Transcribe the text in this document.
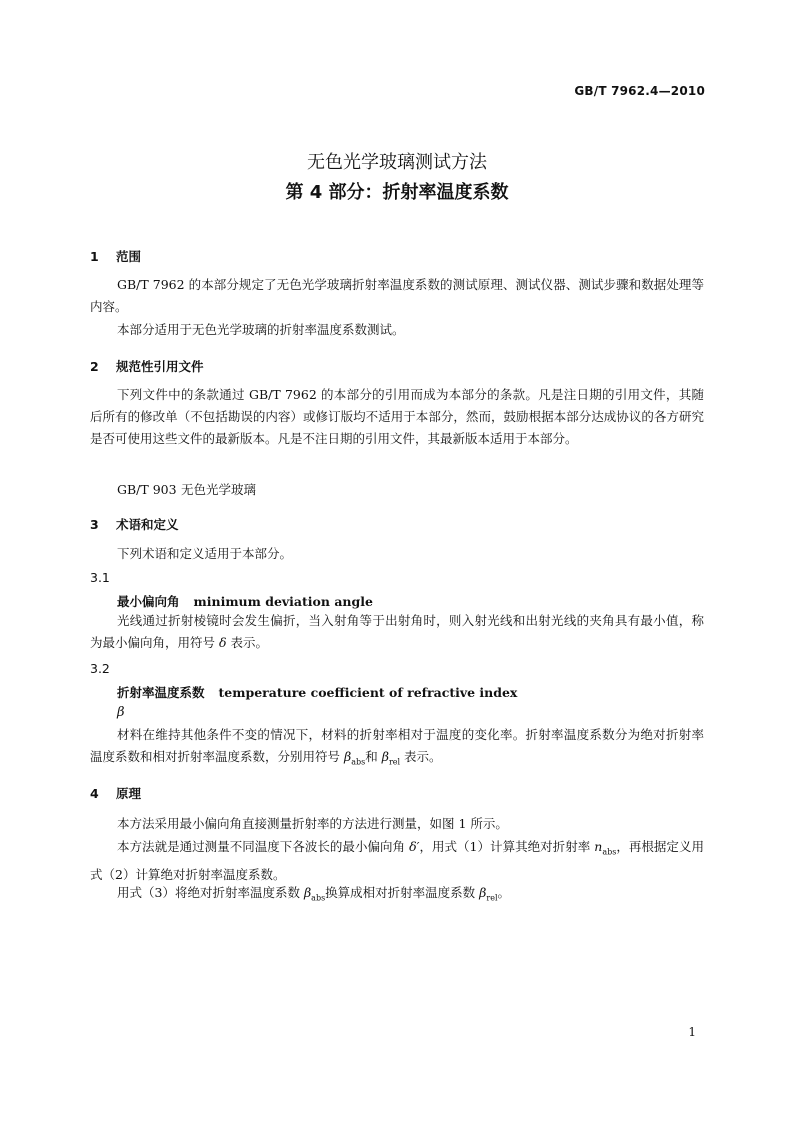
GB/T 7962.4—2010
无色光学玻璃测试方法
第 4 部分：折射率温度系数
1 范围
GB/T 7962 的本部分规定了无色光学玻璃折射率温度系数的测试原理、测试仪器、测试步骤和数据处理等内容。
本部分适用于无色光学玻璃的折射率温度系数测试。
2 规范性引用文件
下列文件中的条款通过 GB/T 7962 的本部分的引用而成为本部分的条款。凡是注日期的引用文件，其随后所有的修改单（不包括勘误的内容）或修订版均不适用于本部分，然而，鼓励根据本部分达成协议的各方研究是否可使用这些文件的最新版本。凡是不注日期的引用文件，其最新版本适用于本部分。
GB/T 903 无色光学玻璃
3 术语和定义
下列术语和定义适用于本部分。
3.1
最小偏向角 minimum deviation angle
光线通过折射棱镜时会发生偏折，当入射角等于出射角时，则入射光线和出射光线的夹角具有最小值，称为最小偏向角，用符号 δ 表示。
3.2
折射率温度系数 temperature coefficient of refractive index
β
材料在维持其他条件不变的情况下，材料的折射率相对于温度的变化率。折射率温度系数分为绝对折射率温度系数和相对折射率温度系数，分别用符号 $\beta_{abs}$和 $\beta_{rel}$ 表示。
4 原理
本方法采用最小偏向角直接测量折射率的方法进行测量，如图 1 所示。
本方法就是通过测量不同温度下各波长的最小偏向角 δ′，用式（1）计算其绝对折射率 $n_{abs}$，再根据定义用式（2）计算绝对折射率温度系数。
用式（3）将绝对折射率温度系数 $\beta_{abs}$换算成相对折射率温度系数 $\beta_{rel}$。
1
